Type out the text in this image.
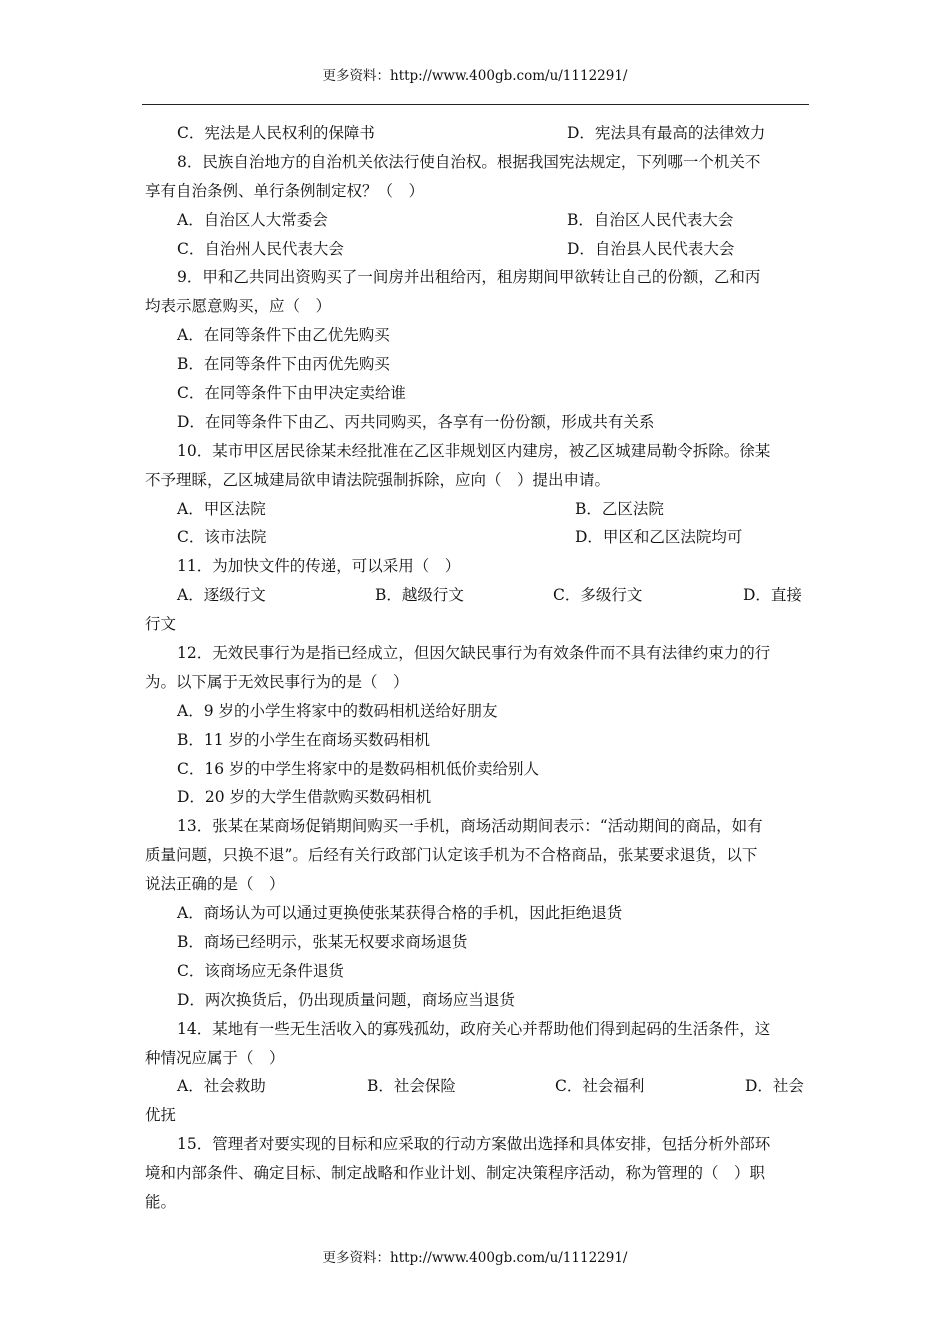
更多资料：http://www.400gb.com/u/1112291/
C．宪法是人民权利的保障书	D．宪法具有最高的法律效力
8．民族自治地方的自治机关依法行使自治权。根据我国宪法规定，下列哪一个机关不
享有自治条例、单行条例制定权？（　）
A．自治区人大常委会	B．自治区人民代表大会
C．自治州人民代表大会	D．自治县人民代表大会
9．甲和乙共同出资购买了一间房并出租给丙，租房期间甲欲转让自己的份额，乙和丙
均表示愿意购买，应（　）
A．在同等条件下由乙优先购买
B．在同等条件下由丙优先购买
C．在同等条件下由甲决定卖给谁
D．在同等条件下由乙、丙共同购买，各享有一份份额，形成共有关系
10．某市甲区居民徐某未经批准在乙区非规划区内建房，被乙区城建局勒令拆除。徐某
不予理睬，乙区城建局欲申请法院强制拆除，应向（　）提出申请。
A．甲区法院	B．乙区法院
C．该市法院	D．甲区和乙区法院均可
11．为加快文件的传递，可以采用（　）
A．逐级行文	B．越级行文	C．多级行文	D．直接
行文
12．无效民事行为是指已经成立，但因欠缺民事行为有效条件而不具有法律约束力的行
为。以下属于无效民事行为的是（　）
A．9 岁的小学生将家中的数码相机送给好朋友
B．11 岁的小学生在商场买数码相机
C．16 岁的中学生将家中的是数码相机低价卖给别人
D．20 岁的大学生借款购买数码相机
13．张某在某商场促销期间购买一手机，商场活动期间表示：“活动期间的商品，如有
质量问题，只换不退”。后经有关行政部门认定该手机为不合格商品，张某要求退货，以下
说法正确的是（　）
A．商场认为可以通过更换使张某获得合格的手机，因此拒绝退货
B．商场已经明示，张某无权要求商场退货
C．该商场应无条件退货
D．两次换货后，仍出现质量问题，商场应当退货
14．某地有一些无生活收入的寡残孤幼，政府关心并帮助他们得到起码的生活条件，这
种情况应属于（　）
A．社会救助	B．社会保险	C．社会福利	D．社会
优抚
15．管理者对要实现的目标和应采取的行动方案做出选择和具体安排，包括分析外部环
境和内部条件、确定目标、制定战略和作业计划、制定决策程序活动，称为管理的（　）职
能。
更多资料：http://www.400gb.com/u/1112291/
